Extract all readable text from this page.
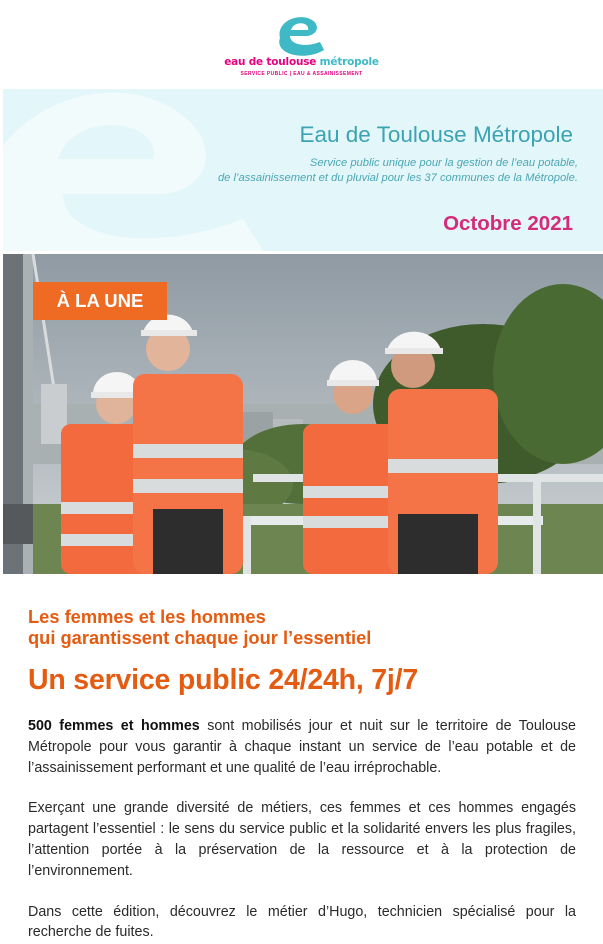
eau de toulouse métropole
SERVICE PUBLIC | EAU & ASSAINISSEMENT
Eau de Toulouse Métropole
Service public unique pour la gestion de l’eau potable,
de l’assainissement et du pluvial pour les 37 communes de la Métropole.
Octobre 2021
À LA UNE
Les femmes et les hommes
qui garantissent chaque jour l’essentiel
Un service public 24/24h, 7j/7

500 femmes et hommes sont mobilisés jour et nuit sur le territoire de Toulouse Métropole pour vous garantir à chaque instant un service de l’eau potable et de l’assainissement performant et une qualité de l’eau irréprochable.

Exerçant une grande diversité de métiers, ces femmes et ces hommes engagés partagent l’essentiel : le sens du service public et la solidarité envers les plus fragiles, l’attention portée à la préservation de la ressource et à la protection de l’environnement.

Dans cette édition, découvrez le métier d’Hugo, technicien spécialisé pour la recherche de fuites.
